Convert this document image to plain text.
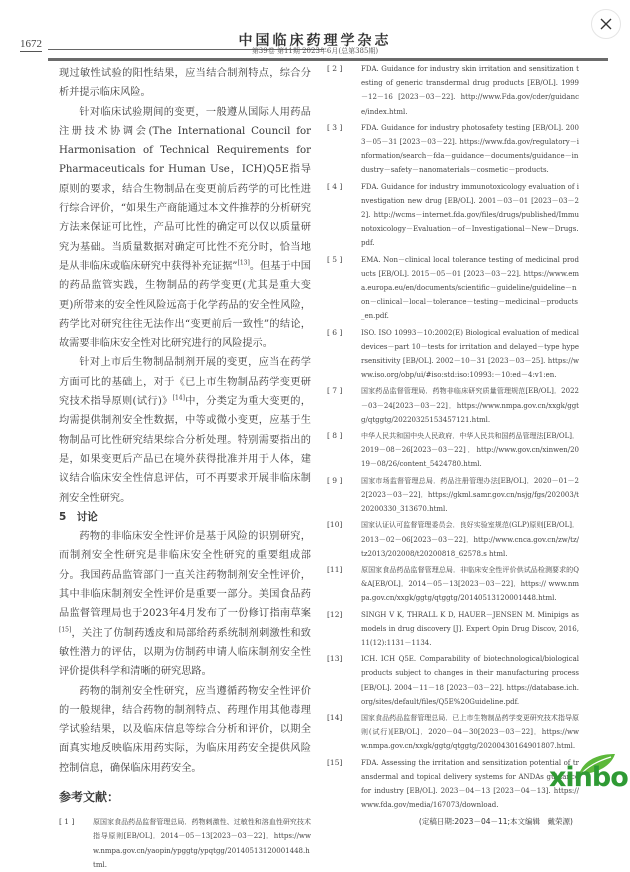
1672	中国临床药理学杂志
第39卷 第11期 2023年6月(总第385期)

现过敏性试验的阳性结果，应当结合制剂特点，综合分析并提示临床风险。

针对临床试验期间的变更，一般遵从国际人用药品注册技术协调会(The International Council for Harmonisation of Technical Requirements for Pharmaceuticals for Human Use，ICH)Q5E指导原则的要求，结合生物制品在变更前后药学的可比性进行综合评价，“如果生产商能通过本文件推荐的分析研究方法来保证可比性，产品可比性的确定可以仅以质量研究为基础。当质量数据对确定可比性不充分时，恰当地是从非临床或临床研究中获得补充证据”[13]。但基于中国的药品监管实践，生物制品的药学变更(尤其是重大变更)所带来的安全性风险远高于化学药品的安全性风险，药学比对研究往往无法作出“变更前后一致性”的结论，故需要非临床安全性对比研究进行的风险提示。

针对上市后生物制品制剂开展的变更，应当在药学方面可比的基础上，对于《已上市生物制品药学变更研究技术指导原则(试行)》[14]中，分类定为重大变更的，均需提供制剂安全性数据，中等或微小变更，应基于生物制品可比性研究结果综合分析处理。特别需要指出的是，如果变更后产品已在境外获得批准并用于人体，建议结合临床安全性信息评估，可不再要求开展非临床制剂安全性研究。

5　讨论

药物的非临床安全性评价是基于风险的识别研究，而制剂安全性研究是非临床安全性研究的重要组成部分。我国药品监管部门一直关注药物制剂安全性评价，其中非临床制剂安全性评价是重要一部分。美国食品药品监督管理局也于2023年4月发布了一份修订指南草案[15]，关注了仿制药透皮和局部给药系统制剂刺激性和致敏性潜力的评估，以期为仿制药申请人临床制剂安全性评价提供科学和清晰的研究思路。

药物的制剂安全性研究，应当遵循药物安全性评价的一般规律，结合药物的制剂特点、药理作用其他毒理学试验结果，以及临床信息等综合分析和评价，以期全面真实地反映临床用药实际，为临床用药安全提供风险控制信息，确保临床用药安全。

参考文献：
[ 1 ]	原国家食品药品监督管理总局．药物刺激性、过敏性和溶血性研究技术指导原则[EB/OL]．2014－05－13[2023－03－22]．https://www.nmpa.gov.cn/yaopin/ypggtg/ypqtgg/20140513120001448.html.
[ 2 ]	FDA. Guidance for industry skin irritation and sensitization testing of generic transdermal drug products [EB/OL]. 1999－12－16 [2023－03－22]. http://www.Fda.gov/cder/guidance/index.html.
[ 3 ]	FDA. Guidance for industry photosafety testing [EB/OL]. 2003－05－31 [2023－03－22]. https://www.fda.gov/regulatory－information/search－fda－guidance－documents/guidance－industry－safety－nanomaterials－cosmetic－products.
[ 4 ]	FDA. Guidance for industry immunotoxicology evaluation of investigation new drug [EB/OL]. 2001－03－01 [2023－03－22]. http://wcms－internet.fda.gov/files/drugs/published/Immunotoxicology－Evaluation－of－Investigational－New－Drugs.pdf.
[ 5 ]	EMA. Non－clinical local tolerance testing of medicinal products [EB/OL]. 2015－05－01 [2023－03－22]. https://www.ema.europa.eu/en/documents/scientific－guideline/guideline－non－clinical－local－tolerance－testing－medicinal－products_en.pdf.
[ 6 ]	ISO. ISO 10993－10:2002(E) Biological evaluation of medical devices－part 10－tests for irritation and delayed－type hypersensitivity [EB/OL]. 2002－10－31 [2023－03－25]. https://www.iso.org/obp/ui/#iso:std:iso:10993:－10:ed－4:v1:en.
[ 7 ]	国家药品监督管理局．药物非临床研究质量管理规范[EB/OL]．2022－03－24[2023－03－22]．https://www.nmpa.gov.cn/xxgk/ggtg/qtggtg/20220325153457121.html.
[ 8 ]	中华人民共和国中央人民政府．中华人民共和国药品管理法[EB/OL]．2019－08－26[2023－03－22]．http://www.gov.cn/xinwen/2019－08/26/content_5424780.html.
[ 9 ]	国家市场监督管理总局．药品注册管理办法[EB/OL]．2020－01－22[2023－03－22]．https://gkml.samr.gov.cn/nsjg/fgs/202003/t20200330_313670.html.
[10]	国家认证认可监督管理委员会．良好实验室规范(GLP)原则[EB/OL]．2013－02－06[2023－03－22]．http://www.cnca.gov.cn/zw/tz/tz2013/202008/t20200818_62578.s html.
[11]	原国家食品药品监督管理总局．非临床安全性评价供试品检测要求的Q&A[EB/OL]．2014－05－13[2023－03－22]．https:// www.nmpa.gov.cn/xxgk/ggtg/qtggtg/20140513120001448.html.
[12]	SINGH V K, THRALL K D, HAUER－JENSEN M. Minipigs as models in drug discovery [J]. Expert Opin Drug Discov, 2016, 11(12):1131－1134.
[13]	ICH. ICH Q5E. Comparability of biotechnological/biological products subject to changes in their manufacturing process [EB/OL]. 2004－11－18 [2023－03－22]. https://database.ich.org/sites/default/files/Q5E%20Guideline.pdf.
[14]	国家食品药品监督管理总局．已上市生物制品药学变更研究技术指导原则(试行)[EB/OL]．2020－04－30[2023－03－22]．https://www.nmpa.gov.cn/xxgk/ggtg/qtggtg/20200430164901807.html.
[15]	FDA. Assessing the irritation and sensitization potential of transdermal and topical delivery systems for ANDAs guidance for industry [EB/OL]. 2023－04－13 [2023－04－13]. https://www.fda.gov/media/167073/download.
(定稿日期:2023－04－11;本文编辑　戴荣源)
xinbo
